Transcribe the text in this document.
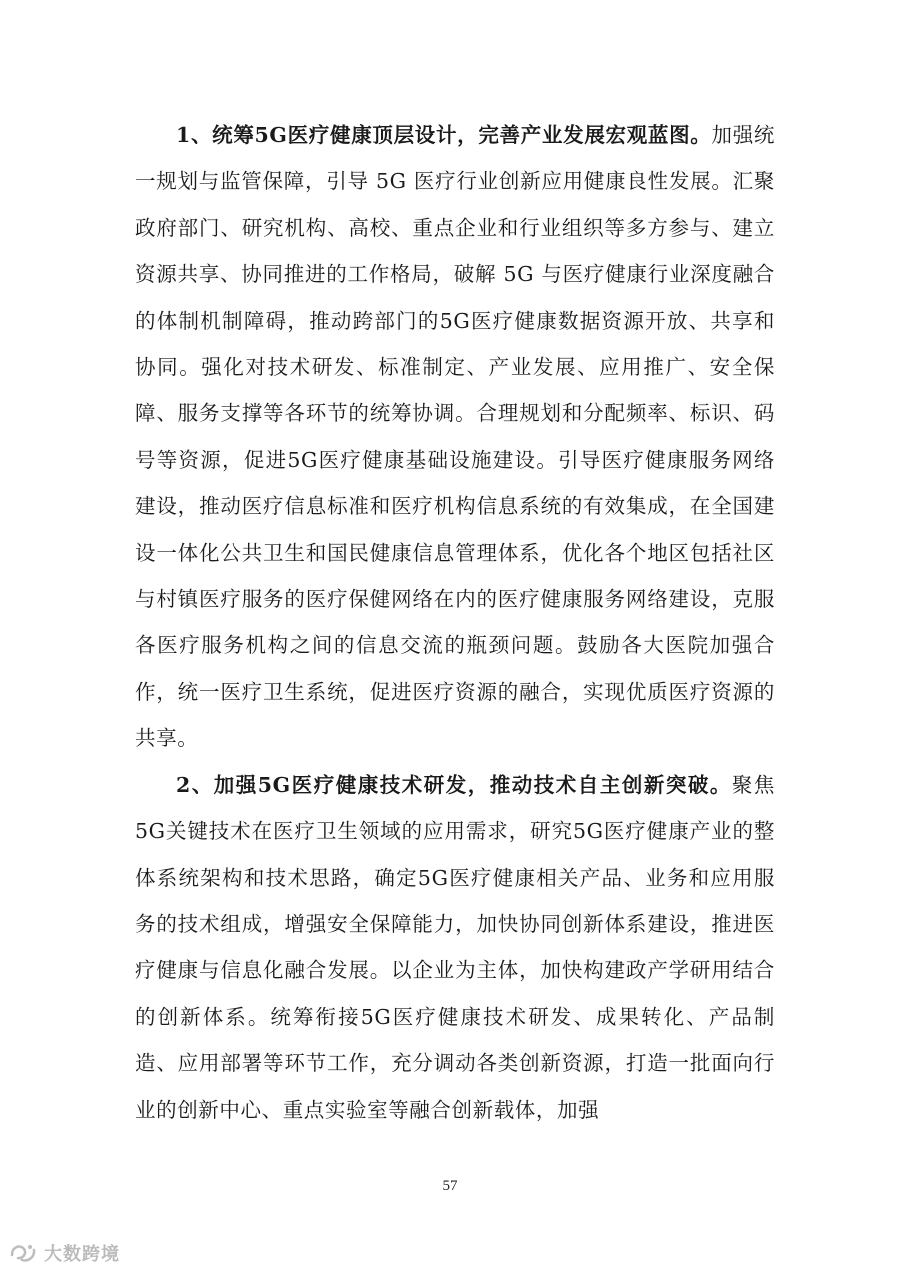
1、统筹5G医疗健康顶层设计，完善产业发展宏观蓝图。加强统一规划与监管保障，引导 5G 医疗行业创新应用健康良性发展。汇聚政府部门、研究机构、高校、重点企业和行业组织等多方参与、建立资源共享、协同推进的工作格局，破解 5G 与医疗健康行业深度融合的体制机制障碍，推动跨部门的5G医疗健康数据资源开放、共享和协同。强化对技术研发、标准制定、产业发展、应用推广、安全保障、服务支撑等各环节的统筹协调。合理规划和分配频率、标识、码号等资源，促进5G医疗健康基础设施建设。引导医疗健康服务网络建设，推动医疗信息标准和医疗机构信息系统的有效集成，在全国建设一体化公共卫生和国民健康信息管理体系，优化各个地区包括社区与村镇医疗服务的医疗保健网络在内的医疗健康服务网络建设，克服各医疗服务机构之间的信息交流的瓶颈问题。鼓励各大医院加强合作，统一医疗卫生系统，促进医疗资源的融合，实现优质医疗资源的共享。

2、加强5G医疗健康技术研发，推动技术自主创新突破。聚焦5G关键技术在医疗卫生领域的应用需求，研究5G医疗健康产业的整体系统架构和技术思路，确定5G医疗健康相关产品、业务和应用服务的技术组成，增强安全保障能力，加快协同创新体系建设，推进医疗健康与信息化融合发展。以企业为主体，加快构建政产学研用结合的创新体系。统筹衔接5G医疗健康技术研发、成果转化、产品制造、应用部署等环节工作，充分调动各类创新资源，打造一批面向行业的创新中心、重点实验室等融合创新载体，加强

57
大数跨境
